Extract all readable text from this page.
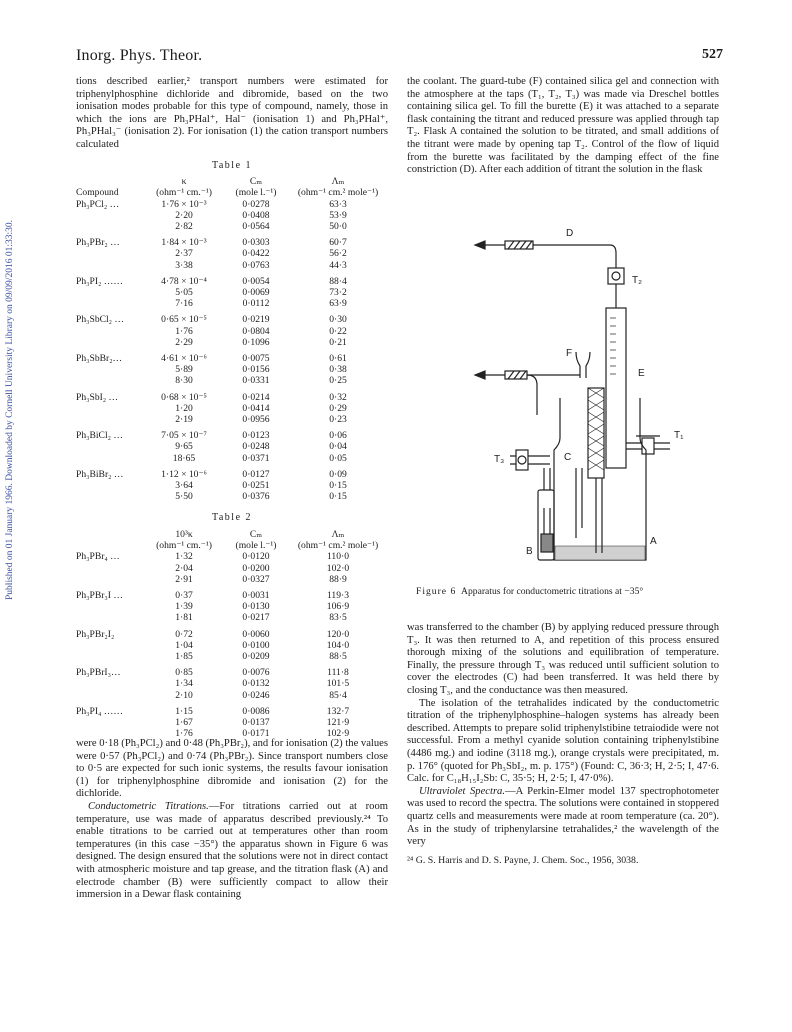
Published on 01 January 1966. Downloaded by Cornell University Library on 09/09/2016 01:33:30.
Inorg. Phys. Theor.	527

tions described earlier,² transport numbers were estimated for triphenylphosphine dichloride and dibromide, based on the two ionisation modes probable for this type of compound, namely, those in which the ions are Ph₃PHal⁺, Hal⁻ (ionisation 1) and Ph₃PHal⁺, Ph₃PHal₃⁻ (ionisation 2). For ionisation (1) the cation transport numbers calculated

Table 1
	κ	Cₘ	Λₘ
Compound	(ohm⁻¹ cm.⁻¹)	(mole l.⁻¹)	(ohm⁻¹ cm.² mole⁻¹)
Ph₃PCl₂ …	1·76 × 10⁻³	0·0278	63·3
	2·20	0·0408	53·9
	2·82	0·0564	50·0

Ph₃PBr₂ …	1·84 × 10⁻³	0·0303	60·7
	2·37	0·0422	56·2
	3·38	0·0763	44·3

Ph₃PI₂ ……	4·78 × 10⁻⁴	0·0054	88·4
	5·05	0·0069	73·2
	7·16	0·0112	63·9

Ph₃SbCl₂ …	0·65 × 10⁻⁵	0·0219	0·30
	1·76	0·0804	0·22
	2·29	0·1096	0·21

Ph₃SbBr₂…	4·61 × 10⁻⁶	0·0075	0·61
	5·89	0·0156	0·38
	8·30	0·0331	0·25

Ph₃SbI₂ …	0·68 × 10⁻⁵	0·0214	0·32
	1·20	0·0414	0·29
	2·19	0·0956	0·23

Ph₃BiCl₂ …	7·05 × 10⁻⁷	0·0123	0·06
	9·65	0·0248	0·04
	18·65	0·0371	0·05

Ph₃BiBr₂ …	1·12 × 10⁻⁶	0·0127	0·09
	3·64	0·0251	0·15
	5·50	0·0376	0·15
Table 2
	10³κ	Cₘ	Λₘ
	(ohm⁻¹ cm.⁻¹)	(mole l.⁻¹)	(ohm⁻¹ cm.² mole⁻¹)
Ph₃PBr₄ …	1·32	0·0120	110·0
	2·04	0·0200	102·0
	2·91	0·0327	88·9

Ph₃PBr₃I …	0·37	0·0031	119·3
	1·39	0·0130	106·9
	1·81	0·0217	83·5

Ph₃PBr₂I₂	0·72	0·0060	120·0
	1·04	0·0100	104·0
	1·85	0·0209	88·5

Ph₃PBrI₃…	0·85	0·0076	111·8
	1·34	0·0132	101·5
	2·10	0·0246	85·4

Ph₃PI₄ ……	1·15	0·0086	132·7
	1·67	0·0137	121·9
	1·76	0·0171	102·9

were 0·18 (Ph₃PCl₂) and 0·48 (Ph₃PBr₂), and for ionisation (2) the values were 0·57 (Ph₃PCl₂) and 0·74 (Ph₃PBr₂). Since transport numbers close to 0·5 are expected for such ionic systems, the results favour ionisation (1) for triphenylphosphine dibromide and ionisation (2) for the dichloride.

Conductometric Titrations.—For titrations carried out at room temperature, use was made of apparatus described previously.²⁴ To enable titrations to be carried out at temperatures other than room temperatures (in this case −35°) the apparatus shown in Figure 6 was designed. The design ensured that the solutions were not in direct contact with atmospheric moisture and tap grease, and the titration flask (A) and electrode chamber (B) were sufficiently compact to allow their immersion in a Dewar flask containing

the coolant. The guard-tube (F) contained silica gel and connection with the atmosphere at the taps (T₁, T₂, T₃) was made via Dreschel bottles containing silica gel. To fill the burette (E) it was attached to a separate flask containing the titrant and reduced pressure was applied through tap T₂. Flask A contained the solution to be titrated, and small additions of the titrant were made by opening tap T₂. Control of the flow of liquid from the burette was facilitated by the damping effect of the fine constriction (D). After each addition of titrant the solution in the flask

D
T₂
F
E
T₁
T₃	C
B
A
Figure 6 Apparatus for conductometric titrations at −35°

was transferred to the chamber (B) by applying reduced pressure through T₃. It was then returned to A, and repetition of this process ensured thorough mixing of the solutions and equilibration of temperature. Finally, the pressure through T₃ was reduced until sufficient solution to cover the electrodes (C) had been transferred. It was held there by closing T₃, and the conductance was then measured.

The isolation of the tetrahalides indicated by the conductometric titration of the triphenylphosphine–halogen systems has already been described. Attempts to prepare solid triphenylstibine tetraiodide were not successful. From a methyl cyanide solution containing triphenylstibine (4486 mg.) and iodine (3118 mg.), orange crystals were precipitated, m. p. 176° (quoted for Ph₃SbI₂, m. p. 175°) (Found: C, 36·3; H, 2·5; I, 47·6. Calc. for C₁₈H₁₅I₂Sb: C, 35·5; H, 2·5; I, 47·0%).

Ultraviolet Spectra.—A Perkin-Elmer model 137 spectrophotometer was used to record the spectra. The solutions were contained in stoppered quartz cells and measurements were made at room temperature (ca. 20°). As in the study of triphenylarsine tetrahalides,² the wavelength of the very

²⁴ G. S. Harris and D. S. Payne, J. Chem. Soc., 1956, 3038.
